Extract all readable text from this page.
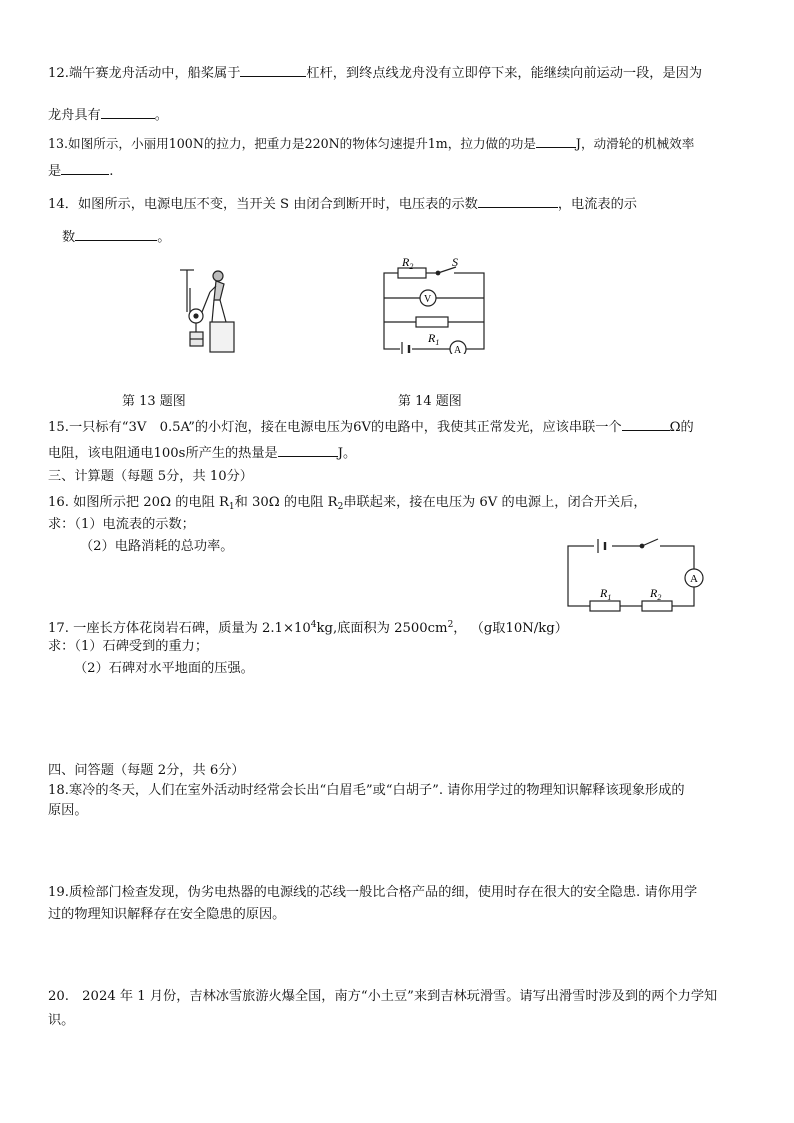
12.端午赛龙舟活动中，船桨属于	杠杆，到终点线龙舟没有立即停下来，能继续向前运动一段，是因为
龙舟具有	。
13.如图所示，小丽用100N的拉力，把重力是220N的物体匀速提升1m，拉力做的功是	J，动滑轮的机械效率
是	.
14．如图所示，电源电压不变，当开关 S 由闭合到断开时，电压表的示数	，电流表的示
数	。
$R_2$	S
V
$R_1$
A
第 13 题图	第 14 题图
15.一只标有“3V　0.5A”的小灯泡，接在电源电压为6V的电路中，我使其正常发光，应该串联一个	Ω的
电阻，该电阻通电100s所产生的热量是	J。
三、计算题（每题 5分，共 10分）
16. 如图所示把 20Ω 的电阻 $R_1$和 30Ω 的电阻 $R_2$串联起来，接在电压为 6V 的电源上，闭合开关后，
求：（1）电流表的示数；
（2）电路消耗的总功率。
A
$R_1$	$R_2$
17. 一座长方体花岗岩石碑，质量为 $2.1\times 10^4kg$,底面积为 $2500cm^2$， （g取10N/kg）
求：（1）石碑受到的重力；
（2）石碑对水平地面的压强。
四、问答题（每题 2分，共 6分）
18.寒冷的冬天，人们在室外活动时经常会长出“白眉毛”或“白胡子”. 请你用学过的物理知识解释该现象形成的
原因。
19.质检部门检查发现，伪劣电热器的电源线的芯线一般比合格产品的细，使用时存在很大的安全隐患. 请你用学
过的物理知识解释存在安全隐患的原因。
20.　2024 年 1 月份，吉林冰雪旅游火爆全国，南方“小土豆”来到吉林玩滑雪。请写出滑雪时涉及到的两个力学知
识。
